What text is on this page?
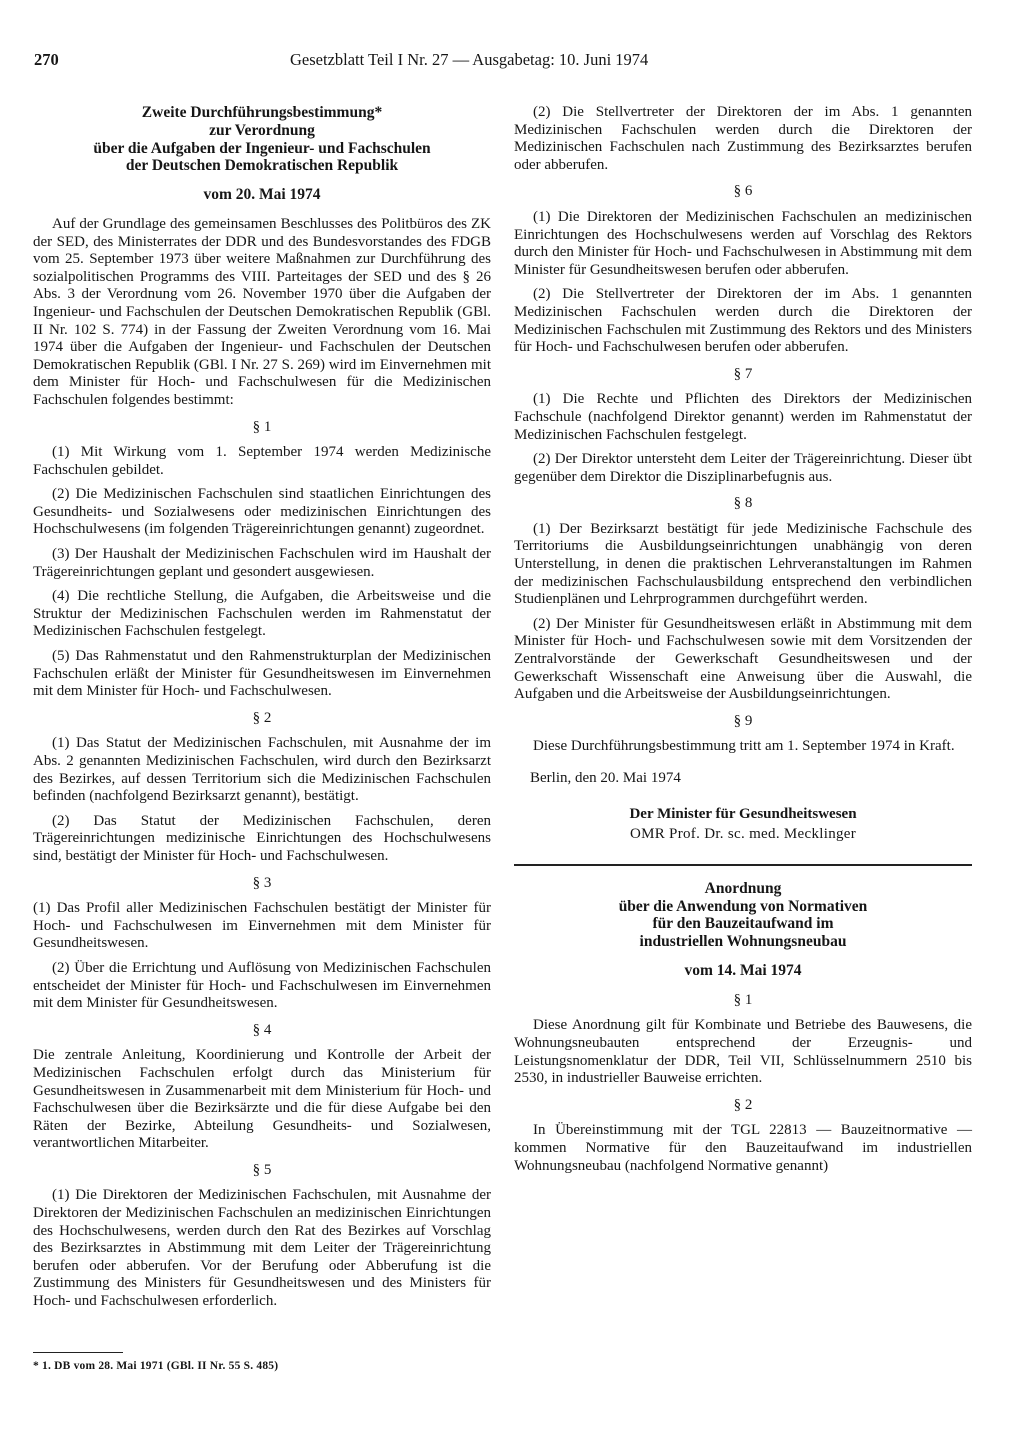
270	Gesetzblatt Teil I Nr. 27 — Ausgabetag: 10. Juni 1974
Zweite Durchführungsbestimmung*
zur Verordnung
über die Aufgaben der Ingenieur- und Fachschulen
der Deutschen Demokratischen Republik
vom 20. Mai 1974

Auf der Grundlage des gemeinsamen Beschlusses des Politbüros des ZK der SED, des Ministerrates der DDR und des Bundesvorstandes des FDGB vom 25. September 1973 über weitere Maßnahmen zur Durchführung des sozialpolitischen Programms des VIII. Parteitages der SED und des § 26 Abs. 3 der Verordnung vom 26. November 1970 über die Aufgaben der Ingenieur- und Fachschulen der Deutschen Demokratischen Republik (GBl. II Nr. 102 S. 774) in der Fassung der Zweiten Verordnung vom 16. Mai 1974 über die Aufgaben der Ingenieur- und Fachschulen der Deutschen Demokratischen Republik (GBl. I Nr. 27 S. 269) wird im Einvernehmen mit dem Minister für Hoch- und Fachschulwesen für die Medizinischen Fachschulen folgendes bestimmt:

§ 1

(1) Mit Wirkung vom 1. September 1974 werden Medizinische Fachschulen gebildet.

(2) Die Medizinischen Fachschulen sind staatlichen Einrichtungen des Gesundheits- und Sozialwesens oder medizinischen Einrichtungen des Hochschulwesens (im folgenden Trägereinrichtungen genannt) zugeordnet.

(3) Der Haushalt der Medizinischen Fachschulen wird im Haushalt der Trägereinrichtungen geplant und gesondert ausgewiesen.

(4) Die rechtliche Stellung, die Aufgaben, die Arbeitsweise und die Struktur der Medizinischen Fachschulen werden im Rahmenstatut der Medizinischen Fachschulen festgelegt.

(5) Das Rahmenstatut und den Rahmenstrukturplan der Medizinischen Fachschulen erläßt der Minister für Gesundheitswesen im Einvernehmen mit dem Minister für Hoch- und Fachschulwesen.

§ 2

(1) Das Statut der Medizinischen Fachschulen, mit Ausnahme der im Abs. 2 genannten Medizinischen Fachschulen, wird durch den Bezirksarzt des Bezirkes, auf dessen Territorium sich die Medizinischen Fachschulen befinden (nachfolgend Bezirksarzt genannt), bestätigt.

(2) Das Statut der Medizinischen Fachschulen, deren Trägereinrichtungen medizinische Einrichtungen des Hochschulwesens sind, bestätigt der Minister für Hoch- und Fachschulwesen.

§ 3

(1) Das Profil aller Medizinischen Fachschulen bestätigt der Minister für Hoch- und Fachschulwesen im Einvernehmen mit dem Minister für Gesundheitswesen.

(2) Über die Errichtung und Auflösung von Medizinischen Fachschulen entscheidet der Minister für Hoch- und Fachschulwesen im Einvernehmen mit dem Minister für Gesundheitswesen.

§ 4

Die zentrale Anleitung, Koordinierung und Kontrolle der Arbeit der Medizinischen Fachschulen erfolgt durch das Ministerium für Gesundheitswesen in Zusammenarbeit mit dem Ministerium für Hoch- und Fachschulwesen über die Bezirksärzte und die für diese Aufgabe bei den Räten der Bezirke, Abteilung Gesundheits- und Sozialwesen, verantwortlichen Mitarbeiter.

§ 5

(1) Die Direktoren der Medizinischen Fachschulen, mit Ausnahme der Direktoren der Medizinischen Fachschulen an medizinischen Einrichtungen des Hochschulwesens, werden durch den Rat des Bezirkes auf Vorschlag des Bezirksarztes in Abstimmung mit dem Leiter der Trägereinrichtung berufen oder abberufen. Vor der Berufung oder Abberufung ist die Zustimmung des Ministers für Gesundheitswesen und des Ministers für Hoch- und Fachschulwesen erforderlich.

(2) Die Stellvertreter der Direktoren der im Abs. 1 genannten Medizinischen Fachschulen werden durch die Direktoren der Medizinischen Fachschulen nach Zustimmung des Bezirksarztes berufen oder abberufen.

§ 6

(1) Die Direktoren der Medizinischen Fachschulen an medizinischen Einrichtungen des Hochschulwesens werden auf Vorschlag des Rektors durch den Minister für Hoch- und Fachschulwesen in Abstimmung mit dem Minister für Gesundheitswesen berufen oder abberufen.

(2) Die Stellvertreter der Direktoren der im Abs. 1 genannten Medizinischen Fachschulen werden durch die Direktoren der Medizinischen Fachschulen mit Zustimmung des Rektors und des Ministers für Hoch- und Fachschulwesen berufen oder abberufen.

§ 7

(1) Die Rechte und Pflichten des Direktors der Medizinischen Fachschule (nachfolgend Direktor genannt) werden im Rahmenstatut der Medizinischen Fachschulen festgelegt.

(2) Der Direktor untersteht dem Leiter der Trägereinrichtung. Dieser übt gegenüber dem Direktor die Disziplinarbefugnis aus.

§ 8

(1) Der Bezirksarzt bestätigt für jede Medizinische Fachschule des Territoriums die Ausbildungseinrichtungen unabhängig von deren Unterstellung, in denen die praktischen Lehrveranstaltungen im Rahmen der medizinischen Fachschulausbildung entsprechend den verbindlichen Studienplänen und Lehrprogrammen durchgeführt werden.

(2) Der Minister für Gesundheitswesen erläßt in Abstimmung mit dem Minister für Hoch- und Fachschulwesen sowie mit dem Vorsitzenden der Zentralvorstände der Gewerkschaft Gesundheitswesen und der Gewerkschaft Wissenschaft eine Anweisung über die Auswahl, die Aufgaben und die Arbeitsweise der Ausbildungseinrichtungen.

§ 9

Diese Durchführungsbestimmung tritt am 1. September 1974 in Kraft.

Berlin, den 20. Mai 1974
Der Minister für Gesundheitswesen
OMR Prof. Dr. sc. med. Mecklinger
Anordnung
über die Anwendung von Normativen
für den Bauzeitaufwand im
industriellen Wohnungsneubau
vom 14. Mai 1974
§ 1

Diese Anordnung gilt für Kombinate und Betriebe des Bauwesens, die Wohnungsneubauten entsprechend der Erzeugnis- und Leistungsnomenklatur der DDR, Teil VII, Schlüsselnummern 2510 bis 2530, in industrieller Bauweise errichten.

§ 2

In Übereinstimmung mit der TGL 22813 — Bauzeitnormative — kommen Normative für den Bauzeitaufwand im industriellen Wohnungsneubau (nachfolgend Normative genannt)

* 1. DB vom 28. Mai 1971 (GBl. II Nr. 55 S. 485)
